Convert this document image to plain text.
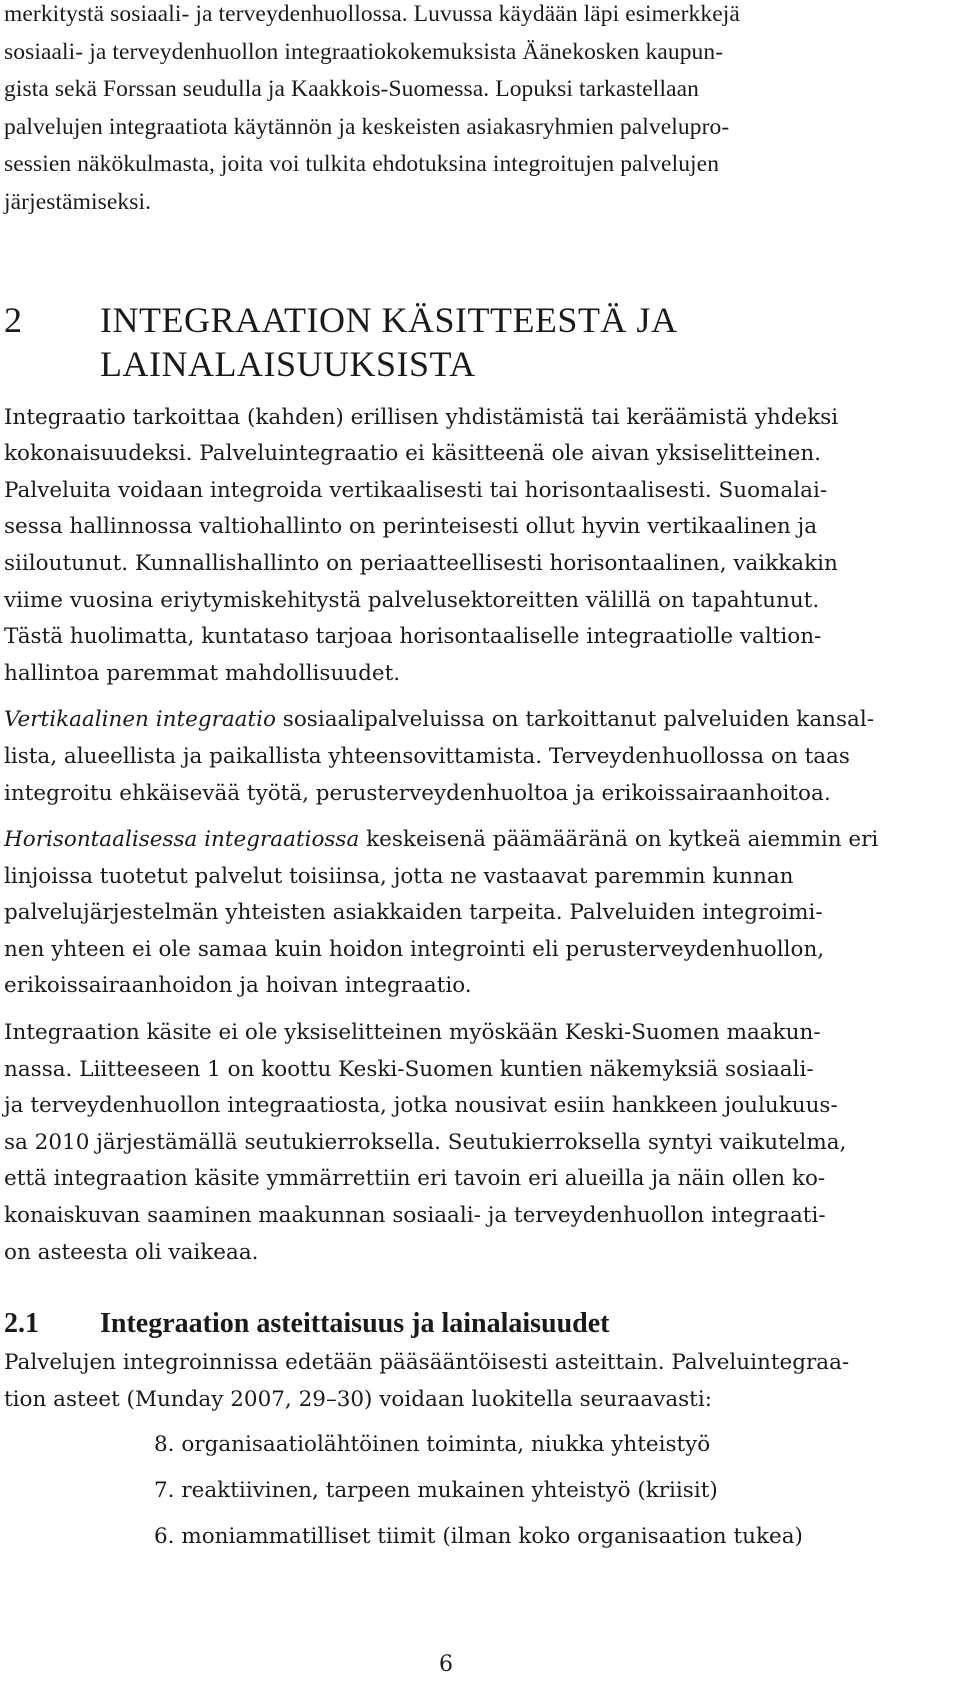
merkitystä sosiaali- ja terveydenhuollossa. Luvussa käydään läpi esimerkkejä
sosiaali- ja terveydenhuollon integraatiokokemuksista Äänekosken kaupun-
gista sekä Forssan seudulla ja Kaakkois-Suomessa. Lopuksi tarkastellaan
palvelujen integraatiota käytännön ja keskeisten asiakasryhmien palvelupro-
sessien näkökulmasta, joita voi tulkita ehdotuksina integroitujen palvelujen
järjestämiseksi.

2	INTEGRAATION KÄSITTEESTÄ JA
LAINALAISUUKSISTA

Integraatio tarkoittaa (kahden) erillisen yhdistämistä tai keräämistä yhdeksi
kokonaisuudeksi. Palveluintegraatio ei käsitteenä ole aivan yksiselitteinen.
Palveluita voidaan integroida vertikaalisesti tai horisontaalisesti. Suomalai-
sessa hallinnossa valtiohallinto on perinteisesti ollut hyvin vertikaalinen ja
siiloutunut. Kunnallishallinto on periaatteellisesti horisontaalinen, vaikkakin
viime vuosina eriytymiskehitystä palvelusektoreitten välillä on tapahtunut.
Tästä huolimatta, kuntataso tarjoaa horisontaaliselle integraatiolle valtion-
hallintoa paremmat mahdollisuudet.

Vertikaalinen integraatio sosiaalipalveluissa on tarkoittanut palveluiden kansal-
lista, alueellista ja paikallista yhteensovittamista. Terveydenhuollossa on taas
integroitu ehkäisevää työtä, perusterveydenhuoltoa ja erikoissairaanhoitoa.

Horisontaalisessa integraatiossa keskeisenä päämääränä on kytkeä aiemmin eri
linjoissa tuotetut palvelut toisiinsa, jotta ne vastaavat paremmin kunnan
palvelujärjestelmän yhteisten asiakkaiden tarpeita. Palveluiden integroimi-
nen yhteen ei ole samaa kuin hoidon integrointi eli perusterveydenhuollon,
erikoissairaanhoidon ja hoivan integraatio.

Integraation käsite ei ole yksiselitteinen myöskään Keski-Suomen maakun-
nassa. Liitteeseen 1 on koottu Keski-Suomen kuntien näkemyksiä sosiaali-
ja terveydenhuollon integraatiosta, jotka nousivat esiin hankkeen joulukuus-
sa 2010 järjestämällä seutukierroksella. Seutukierroksella syntyi vaikutelma,
että integraation käsite ymmärrettiin eri tavoin eri alueilla ja näin ollen ko-
konaiskuvan saaminen maakunnan sosiaali- ja terveydenhuollon integraati-
on asteesta oli vaikeaa.

2.1	Integraation asteittaisuus ja lainalaisuudet

Palvelujen integroinnissa edetään pääsääntöisesti asteittain. Palveluintegraa-
tion asteet (Munday 2007, 29–30) voidaan luokitella seuraavasti:

8. organisaatiolähtöinen toiminta, niukka yhteistyö
7. reaktiivinen, tarpeen mukainen yhteistyö (kriisit)
6. moniammatilliset tiimit (ilman koko organisaation tukea)
6
